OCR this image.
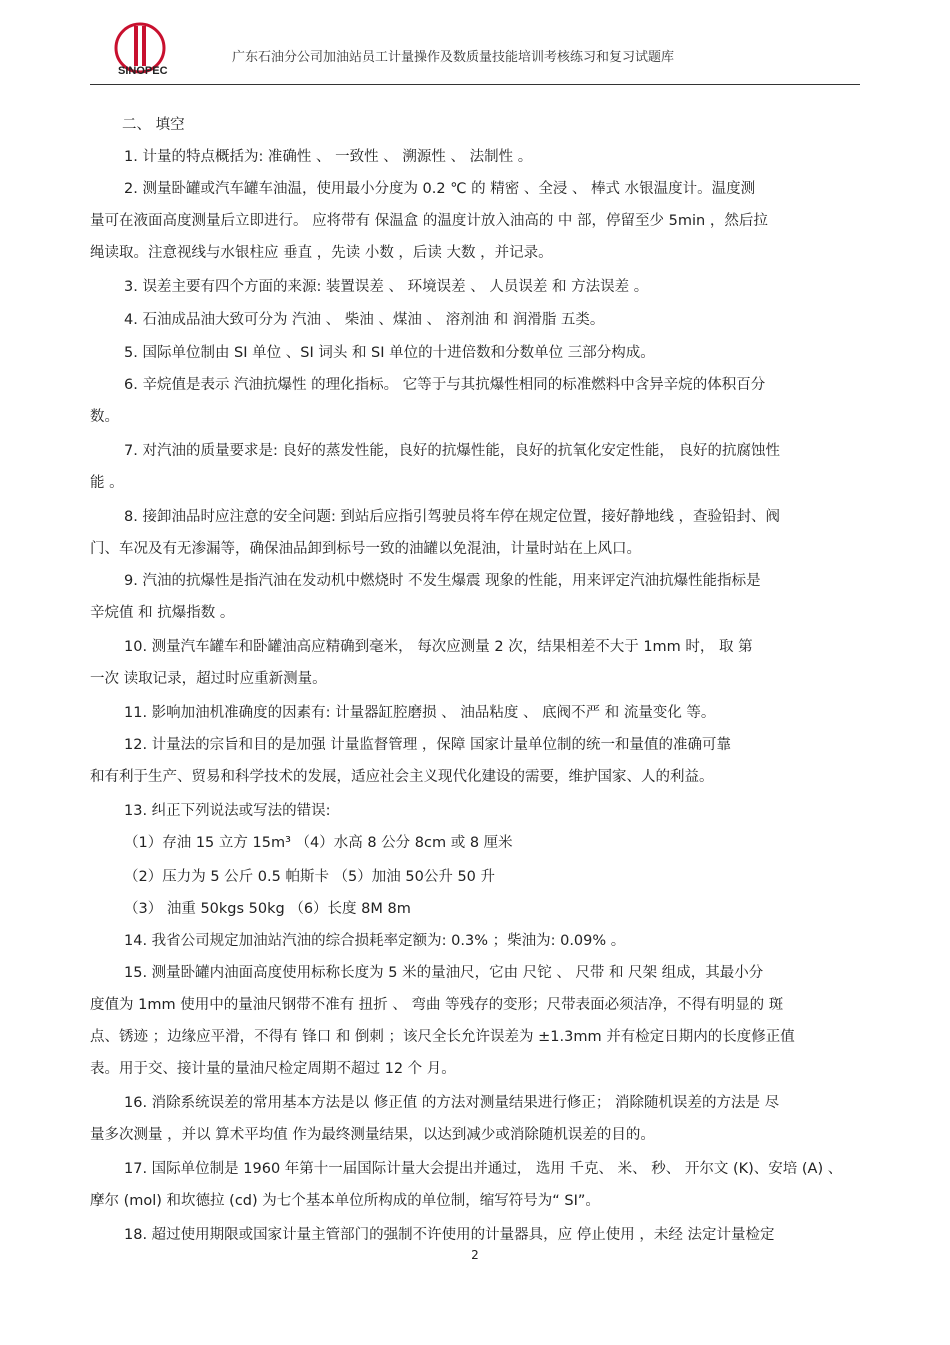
SINOPEC
广东石油分公司加油站员工计量操作及数质量技能培训考核练习和复习试题库
二、 填空
1. 计量的特点概括为: 准确性 、 一致性 、 溯源性 、 法制性 。
2. 测量卧罐或汽车罐车油温，使用最小分度为 0.2 ℃ 的 精密 、全浸 、 棒式 水银温度计。温度测
量可在液面高度测量后立即进行。 应将带有 保温盒 的温度计放入油高的 中 部，停留至少 5min ，然后拉
绳读取。注意视线与水银柱应 垂直 ，先读 小数 ，后读 大数 ，并记录。
3. 误差主要有四个方面的来源: 装置误差 、 环境误差 、 人员误差 和 方法误差 。
4. 石油成品油大致可分为 汽油 、 柴油 、煤油 、 溶剂油 和 润滑脂 五类。
5. 国际单位制由 SI 单位 、SI 词头 和 SI 单位的十进倍数和分数单位 三部分构成。
6. 辛烷值是表示 汽油抗爆性 的理化指标。 它等于与其抗爆性相同的标准燃料中含异辛烷的体积百分
数。
7. 对汽油的质量要求是: 良好的蒸发性能，良好的抗爆性能，良好的抗氧化安定性能， 良好的抗腐蚀性
能 。
8. 接卸油品时应注意的安全问题: 到站后应指引驾驶员将车停在规定位置，接好静地线 ，查验铅封、阀
门、车况及有无渗漏等，确保油品卸到标号一致的油罐以免混油，计量时站在上风口。
9. 汽油的抗爆性是指汽油在发动机中燃烧时 不发生爆震 现象的性能，用来评定汽油抗爆性能指标是
辛烷值 和 抗爆指数 。
10. 测量汽车罐车和卧罐油高应精确到毫米， 每次应测量 2 次，结果相差不大于 1mm 时， 取 第
一次 读取记录，超过时应重新测量。
11. 影响加油机准确度的因素有: 计量器缸腔磨损 、 油品粘度 、 底阀不严 和 流量变化 等。
12. 计量法的宗旨和目的是加强 计量监督管理 ，保障 国家计量单位制的统一和量值的准确可靠
和有利于生产、贸易和科学技术的发展，适应社会主义现代化建设的需要，维护国家、人的利益。
13. 纠正下列说法或写法的错误:
（1）存油 15 立方 15m³ （4）水高 8 公分 8cm 或 8 厘米
（2）压力为 5 公斤 0.5 帕斯卡 （5）加油 50公升 50 升
（3） 油重 50kgs 50kg （6）长度 8M 8m
14. 我省公司规定加油站汽油的综合损耗率定额为: 0.3% ；柴油为: 0.09% 。
15. 测量卧罐内油面高度使用标称长度为 5 米的量油尺，它由 尺铊 、 尺带 和 尺架 组成，其最小分
度值为 1mm 使用中的量油尺钢带不准有 扭折 、 弯曲 等残存的变形；尺带表面必须洁净，不得有明显的 斑
点、锈迹 ；边缘应平滑，不得有 锋口 和 倒刺 ；该尺全长允许误差为 ±1.3mm 并有检定日期内的长度修正值
表。用于交、接计量的量油尺检定周期不超过 12 个 月。
16. 消除系统误差的常用基本方法是以 修正值 的方法对测量结果进行修正； 消除随机误差的方法是 尽
量多次测量 ，并以 算术平均值 作为最终测量结果，以达到减少或消除随机误差的目的。
17. 国际单位制是 1960 年第十一届国际计量大会提出并通过， 选用 千克、 米、 秒、 开尔文 (K)、安培 (A) 、
摩尔 (mol) 和坎德拉 (cd) 为七个基本单位所构成的单位制，缩写符号为“ SI”。
18. 超过使用期限或国家计量主管部门的强制不许使用的计量器具，应 停止使用 ，未经 法定计量检定
2
